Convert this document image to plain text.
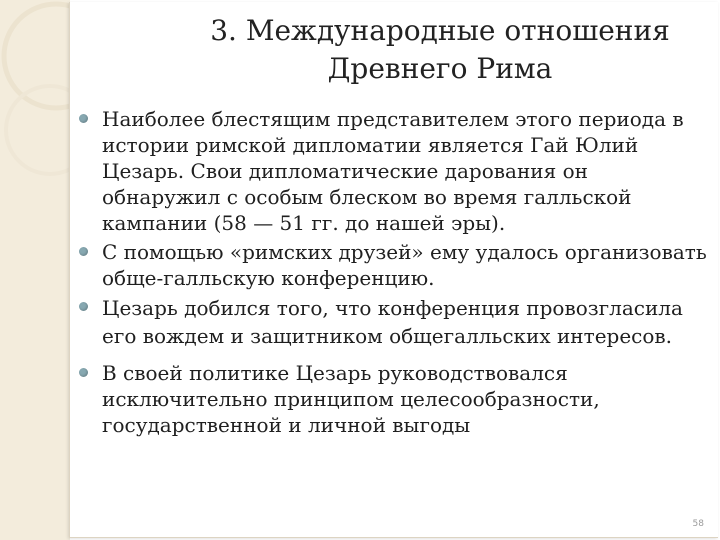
3. Международные отношения
Древнего Рима
Наиболее блестящим представителем этого периода в истории римской дипломатии является Гай Юлий Цезарь. Свои дипломатические дарования он обнаружил с особым блеском во время галльской кампании (58 — 51 гг. до нашей эры).
С помощью «римских друзей» ему удалось организовать обще-галльскую конференцию.
Цезарь добился того, что конференция провозгласила его вождем и защитником общегалльских интересов.
В своей политике Цезарь руководствовался исключительно принципом целесообразности, государственной и личной выгоды
58
